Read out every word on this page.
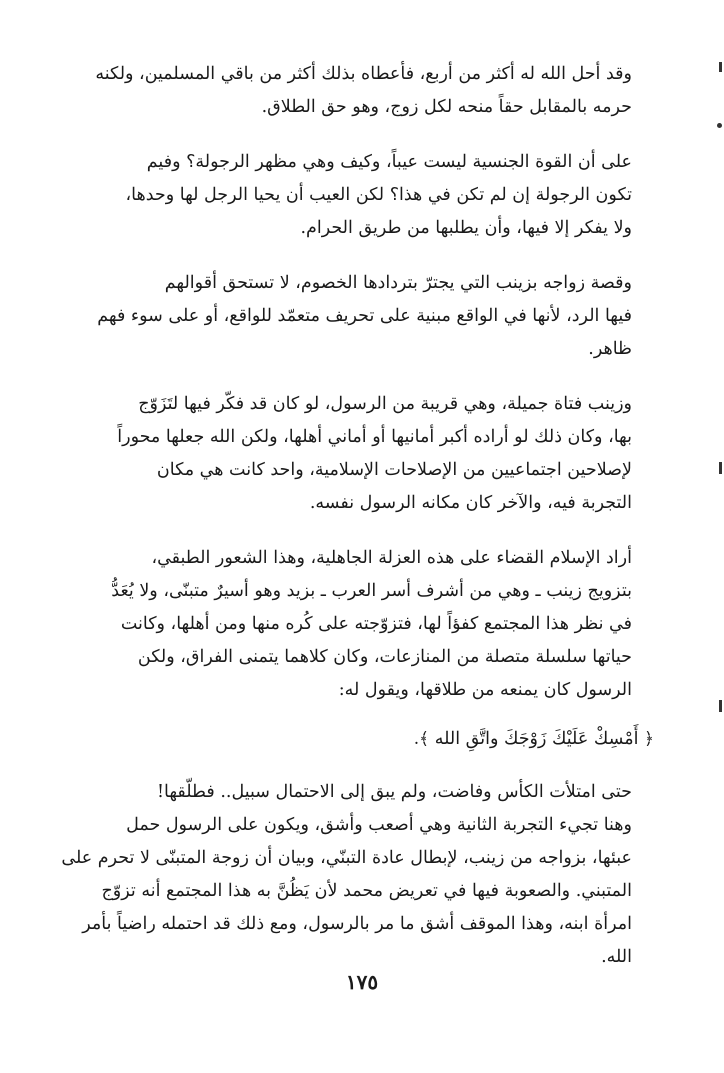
وقد أحل الله له أكثر من أربع، فأعطاه بذلك أكثر من باقي المسلمين، ولكنه
حرمه بالمقابل حقاً منحه لكل زوج، وهو حق الطلاق.

على أن القوة الجنسية ليست عيباً، وكيف وهي مظهر الرجولة؟ وفيم
تكون الرجولة إن لم تكن في هذا؟ لكن العيب أن يحيا الرجل لها وحدها،
ولا يفكر إلا فيها، وأن يطلبها من طريق الحرام.

وقصة زواجه بزينب التي يجترّ بتردادها الخصوم، لا تستحق أقوالهم
فيها الرد، لأنها في الواقع مبنية على تحريف متعمّد للواقع، أو على سوء فهم
ظاهر.

وزينب فتاة جميلة، وهي قريبة من الرسول، لو كان قد فكّر فيها لتَزَوّج
بها، وكان ذلك لو أراده أكبر أمانيها أو أماني أهلها، ولكن الله جعلها محوراً
لإصلاحين اجتماعيين من الإصلاحات الإسلامية، واحد كانت هي مكان
التجربة فيه، والآخر كان مكانه الرسول نفسه.

أراد الإسلام القضاء على هذه العزلة الجاهلية، وهذا الشعور الطبقي،
بتزويج زينب ـ وهي من أشرف أسر العرب ـ بزيد وهو أسيرٌ متبنّى، ولا يُعَدُّ
في نظر هذا المجتمع كفؤاً لها، فتزوّجته على كُره منها ومن أهلها، وكانت
حياتها سلسلة متصلة من المنازعات، وكان كلاهما يتمنى الفراق، ولكن
الرسول كان يمنعه من طلاقها، ويقول له:

﴿ أَمْسِكْ عَلَيْكَ زَوْجَكَ واتَّقِ الله ﴾.

حتى امتلأت الكأس وفاضت، ولم يبق إلى الاحتمال سبيل.. فطلّقها!
وهنا تجيء التجربة الثانية وهي أصعب وأشق، ويكون على الرسول حمل
عبئها، بزواجه من زينب، لإبطال عادة التبنّي، وبيان أن زوجة المتبنّى لا تحرم على
المتبني. والصعوبة فيها في تعريض محمد لأن يَظُنَّ به هذا المجتمع أنه تزوّج
امرأة ابنه، وهذا الموقف أشق ما مر بالرسول، ومع ذلك قد احتمله راضياً بأمر
الله.

١٧٥
